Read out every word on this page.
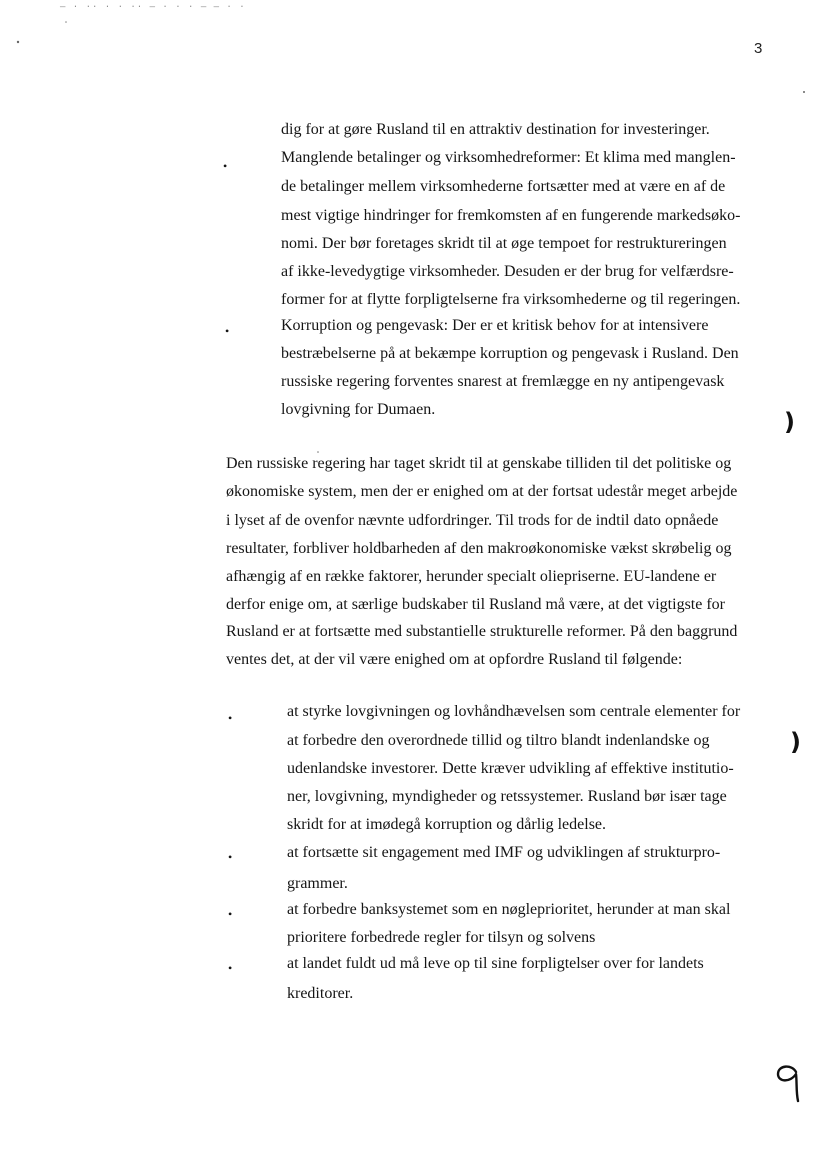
— · ·· · · ·· — · · · — — · ·
3
dig for at gøre Rusland til en attraktiv destination for investeringer.
•	Manglende betalinger og virksomhedreformer: Et klima med manglen-
de betalinger mellem virksomhederne fortsætter med at være en af de
mest vigtige hindringer for fremkomsten af en fungerende markedsøko-
nomi. Der bør foretages skridt til at øge tempoet for restruktureringen
af ikke-levedygtige virksomheder. Desuden er der brug for velfærdsre-
former for at flytte forpligtelserne fra virksomhederne og til regeringen.
•	Korruption og pengevask: Der er et kritisk behov for at intensivere
bestræbelserne på at bekæmpe korruption og pengevask i Rusland. Den
russiske regering forventes snarest at fremlægge en ny antipengevask
lovgivning for Dumaen.	)
Den russiske regering har taget skridt til at genskabe tilliden til det politiske og
økonomiske system, men der er enighed om at der fortsat udestår meget arbejde
i lyset af de ovenfor nævnte udfordringer. Til trods for de indtil dato opnåede
resultater, forbliver holdbarheden af den makroøkonomiske vækst skrøbelig og
afhængig af en række faktorer, herunder specialt oliepriserne. EU-landene er
derfor enige om, at særlige budskaber til Rusland må være, at det vigtigste for
Rusland er at fortsætte med substantielle strukturelle reformer. På den baggrund
ventes det, at der vil være enighed om at opfordre Rusland til følgende:
•	at styrke lovgivningen og lovhåndhævelsen som centrale elementer for
at forbedre den overordnede tillid og tiltro blandt indenlandske og
udenlandske investorer. Dette kræver udvikling af effektive institutio-
ner, lovgivning, myndigheder og retssystemer. Rusland bør især tage
skridt for at imødegå korruption og dårlig ledelse.
)
•	at fortsætte sit engagement med IMF og udviklingen af strukturpro-
grammer.
•	at forbedre banksystemet som en nøgleprioritet, herunder at man skal
prioritere forbedrede regler for tilsyn og solvens
•	at landet fuldt ud må leve op til sine forpligtelser over for landets
kreditorer.
